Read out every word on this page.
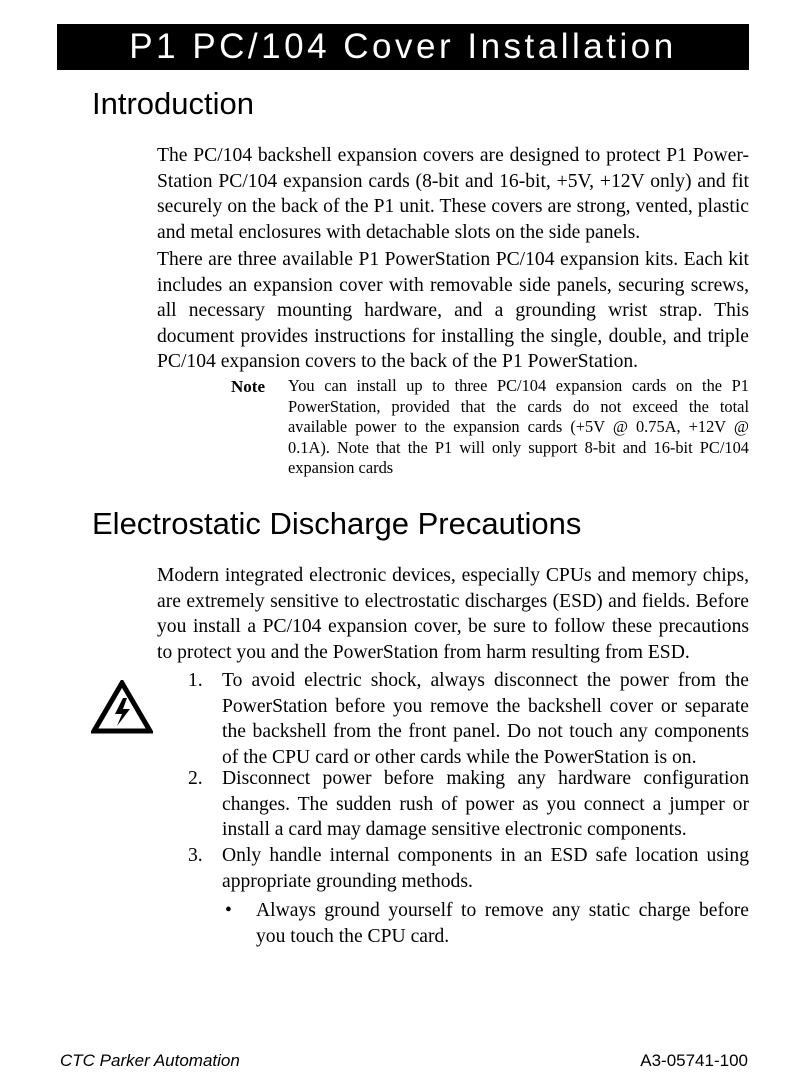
P1 PC/104 Cover Installation
Introduction
The PC/104 backshell expansion covers are designed to protect P1 Power-Station PC/104 expansion cards (8-bit and 16-bit, +5V, +12V only) and fit securely on the back of the P1 unit. These covers are strong, vented, plastic and metal enclosures with detachable slots on the side panels.
There are three available P1 PowerStation PC/104 expansion kits. Each kit includes an expansion cover with removable side panels, securing screws, all necessary mounting hardware, and a grounding wrist strap. This document provides instructions for installing the single, double, and triple PC/104 expansion covers to the back of the P1 PowerStation.
Note You can install up to three PC/104 expansion cards on the P1 PowerStation, provided that the cards do not exceed the total available power to the expansion cards (+5V @ 0.75A, +12V @ 0.1A). Note that the P1 will only support 8-bit and 16-bit PC/104 expansion cards
Electrostatic Discharge Precautions
Modern integrated electronic devices, especially CPUs and memory chips, are extremely sensitive to electrostatic discharges (ESD) and fields. Before you install a PC/104 expansion cover, be sure to follow these precautions to protect you and the PowerStation from harm resulting from ESD.
1. To avoid electric shock, always disconnect the power from the PowerStation before you remove the backshell cover or separate the backshell from the front panel. Do not touch any components of the CPU card or other cards while the PowerStation is on.
2. Disconnect power before making any hardware configuration changes. The sudden rush of power as you connect a jumper or install a card may damage sensitive electronic components.
3. Only handle internal components in an ESD safe location using appropriate grounding methods.
• Always ground yourself to remove any static charge before you touch the CPU card.
CTC Parker Automation	A3-05741-100
